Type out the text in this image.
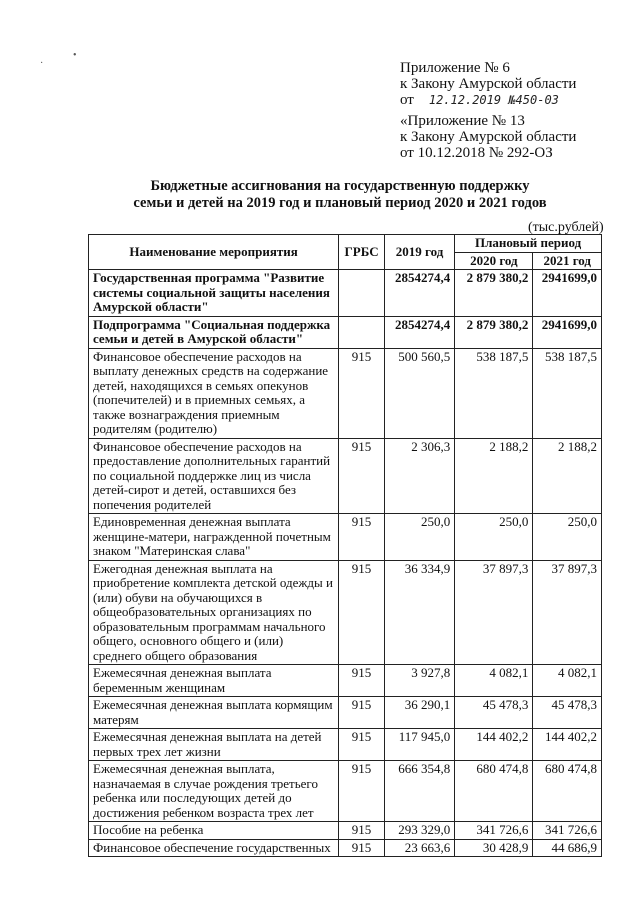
•
·	Приложение № 6
к Закону Амурской области
от 12.12.2019 №450-03
«Приложение № 13
к Закону Амурской области
от 10.12.2018 № 292-ОЗ
Бюджетные ассигнования на государственную поддержку
семьи и детей на 2019 год и плановый период 2020 и 2021 годов
(тыс.рублей)
Наименование мероприятия	ГРБС	2019 год	Плановый период	
			2020 год	2021 год
Государственная программа "Развитие системы социальной защиты населения Амурской области"		2854274,4	2 879 380,2	2941699,0
Подпрограмма "Социальная поддержка семьи и детей в Амурской области"		2854274,4	2 879 380,2	2941699,0
Финансовое обеспечение расходов на выплату денежных средств на содержание детей, находящихся в семьях опекунов (попечителей) и в приемных семьях, а также вознаграждения приемным родителям (родителю)	915	500 560,5	538 187,5	538 187,5
Финансовое обеспечение расходов на предоставление дополнительных гарантий по социальной поддержке лиц из числа детей-сирот и детей, оставшихся без попечения родителей	915	2 306,3	2 188,2	2 188,2
Единовременная денежная выплата женщине-матери, награжденной почетным знаком "Материнская слава"	915	250,0	250,0	250,0
Ежегодная денежная выплата на приобретение комплекта детской одежды и (или) обуви на обучающихся в общеобразовательных организациях по образовательным программам начального общего, основного общего и (или) среднего общего образования	915	36 334,9	37 897,3	37 897,3
Ежемесячная денежная выплата беременным женщинам	915	3 927,8	4 082,1	4 082,1
Ежемесячная денежная выплата кормящим матерям	915	36 290,1	45 478,3	45 478,3
Ежемесячная денежная выплата на детей первых трех лет жизни	915	117 945,0	144 402,2	144 402,2
Ежемесячная денежная выплата, назначаемая в случае рождения третьего ребенка или последующих детей до достижения ребенком возраста трех лет	915	666 354,8	680 474,8	680 474,8
Пособие на ребенка	915	293 329,0	341 726,6	341 726,6
Финансовое обеспечение государственных	915	23 663,6	30 428,9	44 686,9
